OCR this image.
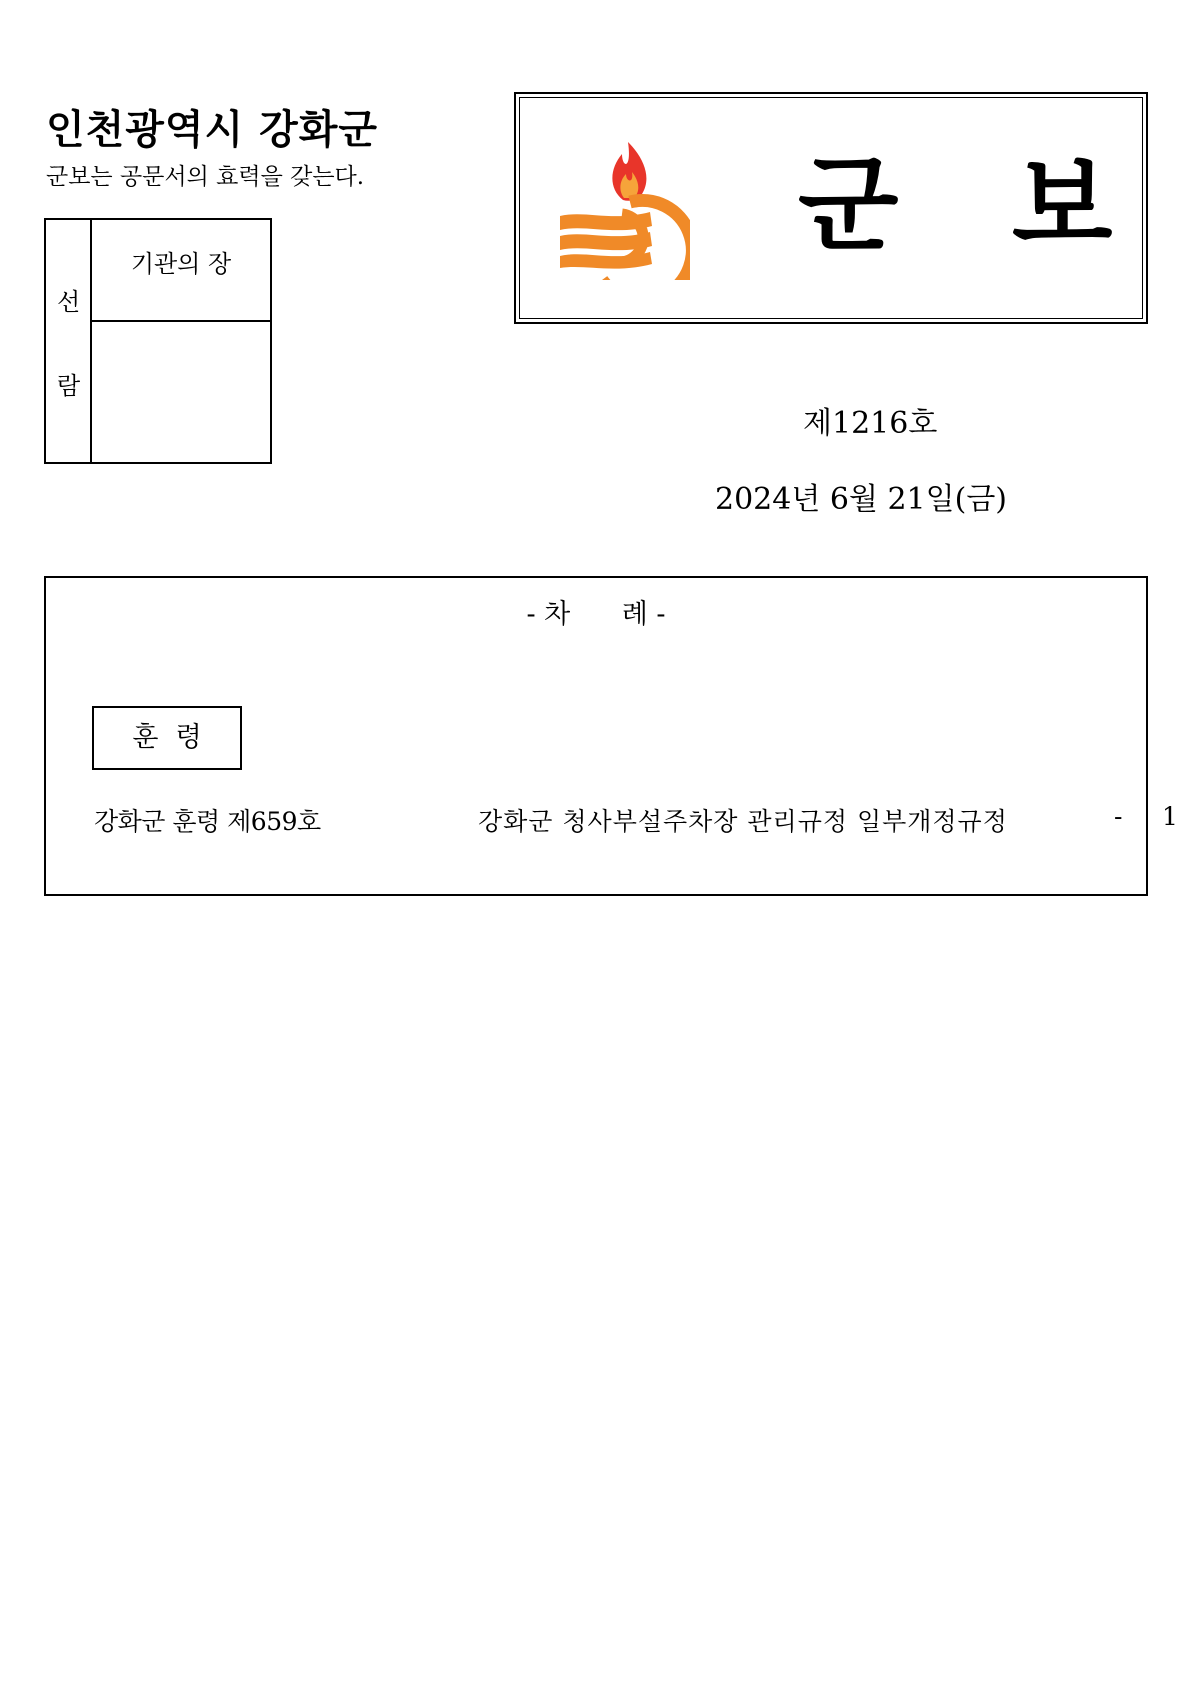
인천광역시 강화군
군보는 공문서의 효력을 갖는다.
선
람
기관의 장	군 보
제1216호
2024년 6월 21일(금)
- 차      례 -
훈  령
강화군 훈령 제659호	강화군 청사부설주차장 관리규정 일부개정규정	- 1
